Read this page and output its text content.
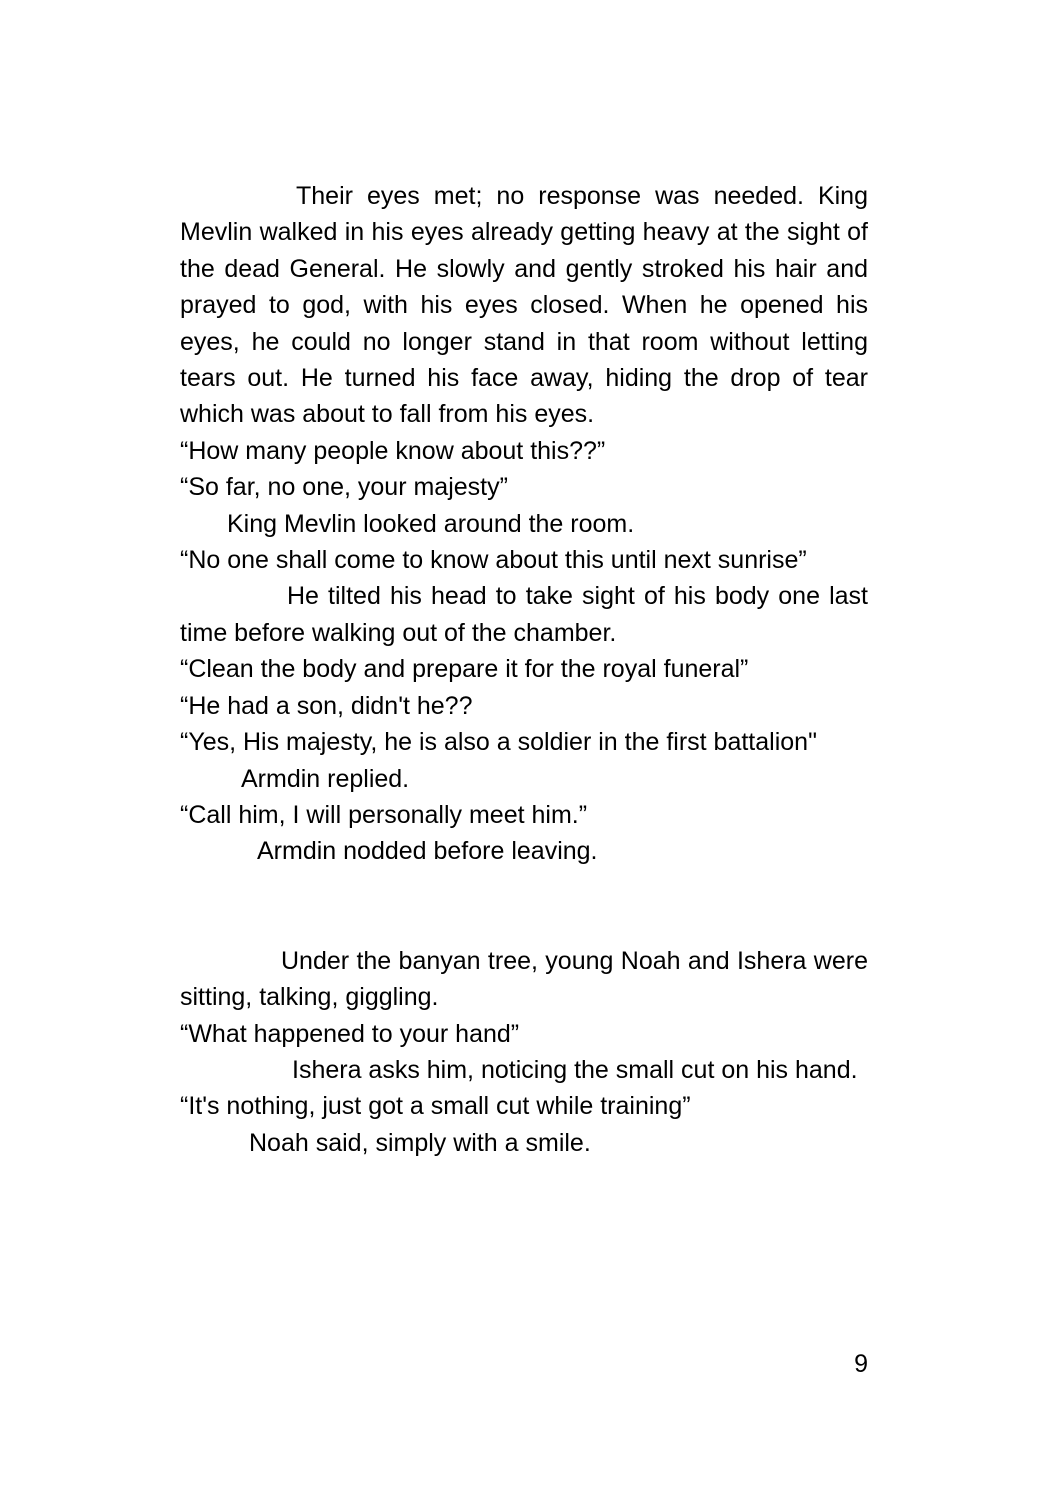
Their eyes met; no response was needed. King Mevlin walked in his eyes already getting heavy at the sight of the dead General. He slowly and gently stroked his hair and prayed to god, with his eyes closed. When he opened his eyes, he could no longer stand in that room without letting tears out. He turned his face away, hiding the drop of tear which was about to fall from his eyes.

“How many people know about this??”

“So far, no one, your majesty”

King Mevlin looked around the room.

“No one shall come to know about this until next sunrise”

He tilted his head to take sight of his body one last time before walking out of the chamber.

“Clean the body and prepare it for the royal funeral”

“He had a son, didn't he??

“Yes, His majesty, he is also a soldier in the first battalion"

Armdin replied.

“Call him, I will personally meet him.”

Armdin nodded before leaving.

Under the banyan tree, young Noah and Ishera were sitting, talking, giggling.

“What happened to your hand”

Ishera asks him, noticing the small cut on his hand.

“It's nothing, just got a small cut while training”

Noah said, simply with a smile.

9
